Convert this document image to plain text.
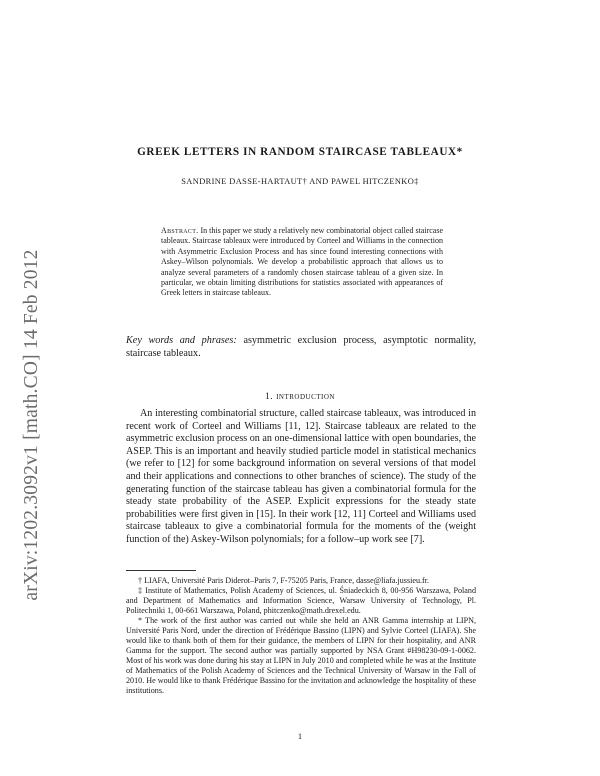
arXiv:1202.3092v1 [math.CO] 14 Feb 2012
GREEK LETTERS IN RANDOM STAIRCASE TABLEAUX*
SANDRINE DASSE-HARTAUT† AND PAWEL HITCZENKO‡
Abstract. In this paper we study a relatively new combinatorial object called staircase tableaux. Staircase tableaux were introduced by Corteel and Williams in the connection with Asymmetric Exclusion Process and has since found interesting connections with Askey–Wilson polynomials. We develop a probabilistic approach that allows us to analyze several parameters of a randomly chosen staircase tableau of a given size. In particular, we obtain limiting distributions for statistics associated with appearances of Greek letters in staircase tableaux.
Key words and phrases: asymmetric exclusion process, asymptotic normality, staircase tableaux.
1. introduction
An interesting combinatorial structure, called staircase tableaux, was introduced in recent work of Corteel and Williams [11, 12]. Staircase tableaux are related to the asymmetric exclusion process on an one-dimensional lattice with open boundaries, the ASEP. This is an important and heavily studied particle model in statistical mechanics (we refer to [12] for some background information on several versions of that model and their applications and connections to other branches of science). The study of the generating function of the staircase tableau has given a combinatorial formula for the steady state probability of the ASEP. Explicit expressions for the steady state probabilities were first given in [15]. In their work [12, 11] Corteel and Williams used staircase tableaux to give a combinatorial formula for the moments of the (weight function of the) Askey-Wilson polynomials; for a follow–up work see [7].

† LIAFA, Université Paris Diderot–Paris 7, F-75205 Paris, France, dasse@liafa.jussieu.fr.

‡ Institute of Mathematics, Polish Academy of Sciences, ul. Śniadeckich 8, 00-956 Warszawa, Poland and Department of Mathematics and Information Science, Warsaw University of Technology, Pl. Politechniki 1, 00-661 Warszawa, Poland, phitczenko@math.drexel.edu.

* The work of the first author was carried out while she held an ANR Gamma internship at LIPN, Université Paris Nord, under the direction of Frédérique Bassino (LIPN) and Sylvie Corteel (LIAFA). She would like to thank both of them for their guidance, the members of LIPN for their hospitality, and ANR Gamma for the support. The second author was partially supported by NSA Grant #H98230-09-1-0062. Most of his work was done during his stay at LIPN in July 2010 and completed while he was at the Institute of Mathematics of the Polish Academy of Sciences and the Technical University of Warsaw in the Fall of 2010. He would like to thank Frédérique Bassino for the invitation and acknowledge the hospitality of these institutions.

1
